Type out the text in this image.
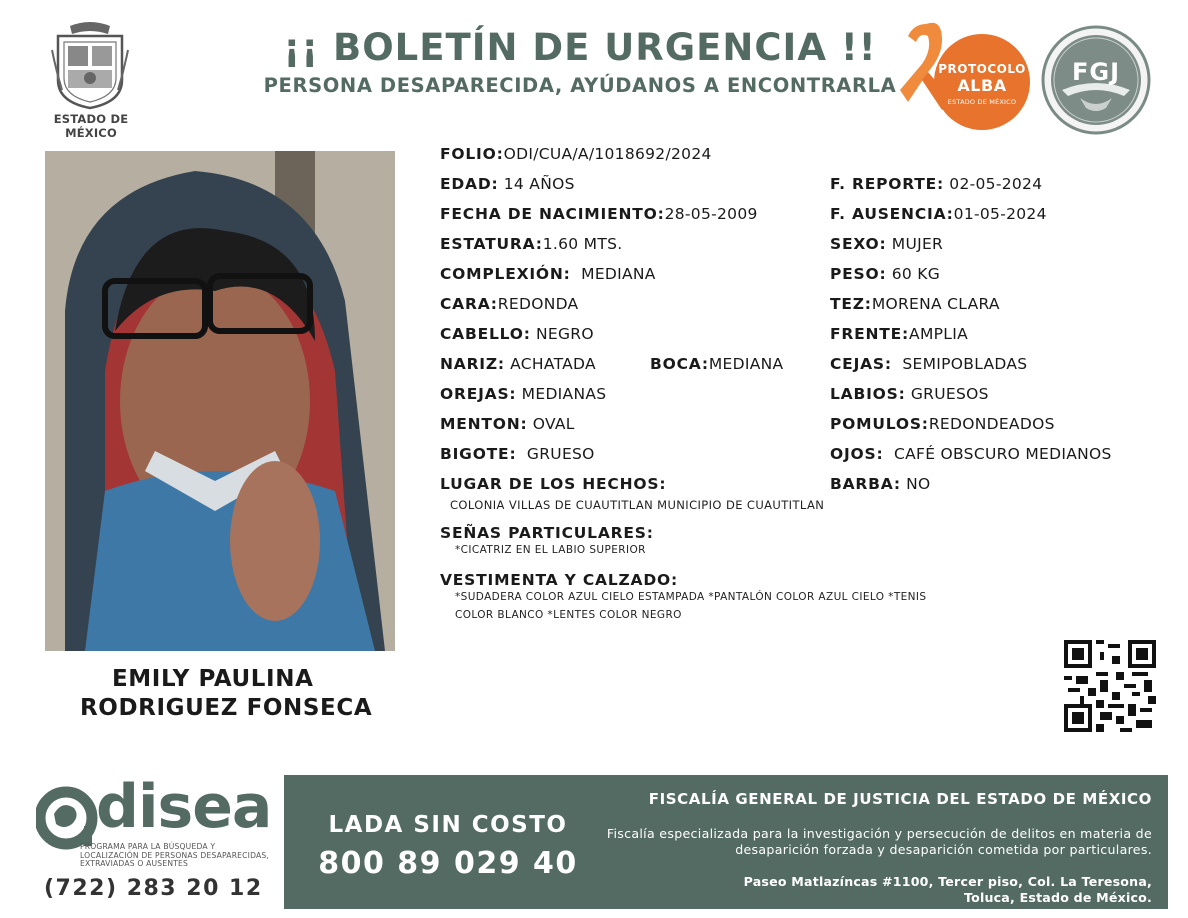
ESTADO DE MÉXICO
¡¡ BOLETÍN DE URGENCIA !!
PERSONA DESAPARECIDA, AYÚDANOS A ENCONTRARLA
PROTOCOLO
ALBA
ESTADO DE MÉXICO
FGJ
EMILY PAULINA
RODRIGUEZ FONSECA
FOLIO:ODI/CUA/A/1018692/2024
EDAD: 14 AÑOS	F. REPORTE: 02-05-2024
FECHA DE NACIMIENTO:28-05-2009	F. AUSENCIA:01-05-2024
ESTATURA:1.60 MTS.	SEXO: MUJER
COMPLEXIÓN: MEDIANA	PESO: 60 KG
CARA:REDONDA	TEZ:MORENA CLARA
CABELLO: NEGRO	FRENTE:AMPLIA
NARIZ: ACHATADA	BOCA:MEDIANA	CEJAS: SEMIPOBLADAS
OREJAS: MEDIANAS	LABIOS: GRUESOS
MENTON: OVAL	POMULOS:REDONDEADOS
BIGOTE: GRUESO	OJOS: CAFÉ OBSCURO MEDIANOS
LUGAR DE LOS HECHOS:	BARBA: NO
COLONIA VILLAS DE CUAUTITLAN MUNICIPIO DE CUAUTITLAN
SEÑAS PARTICULARES:
*CICATRIZ EN EL LABIO SUPERIOR
VESTIMENTA Y CALZADO:
*SUDADERA COLOR AZUL CIELO ESTAMPADA *PANTALÓN COLOR AZUL CIELO *TENIS
COLOR BLANCO *LENTES COLOR NEGRO
disea
PROGRAMA PARA LA BÚSQUEDA Y LOCALIZACIÓN DE PERSONAS DESAPARECIDAS, EXTRAVIADAS O AUSENTES
(722) 283 20 12
LADA SIN COSTO
800 89 029 40
FISCALÍA GENERAL DE JUSTICIA DEL ESTADO DE MÉXICO
Fiscalía especializada para la investigación y persecución de delitos en materia de desaparición forzada y desaparición cometida por particulares.
Paseo Matlazíncas #1100, Tercer piso, Col. La Teresona,
Toluca, Estado de México.
